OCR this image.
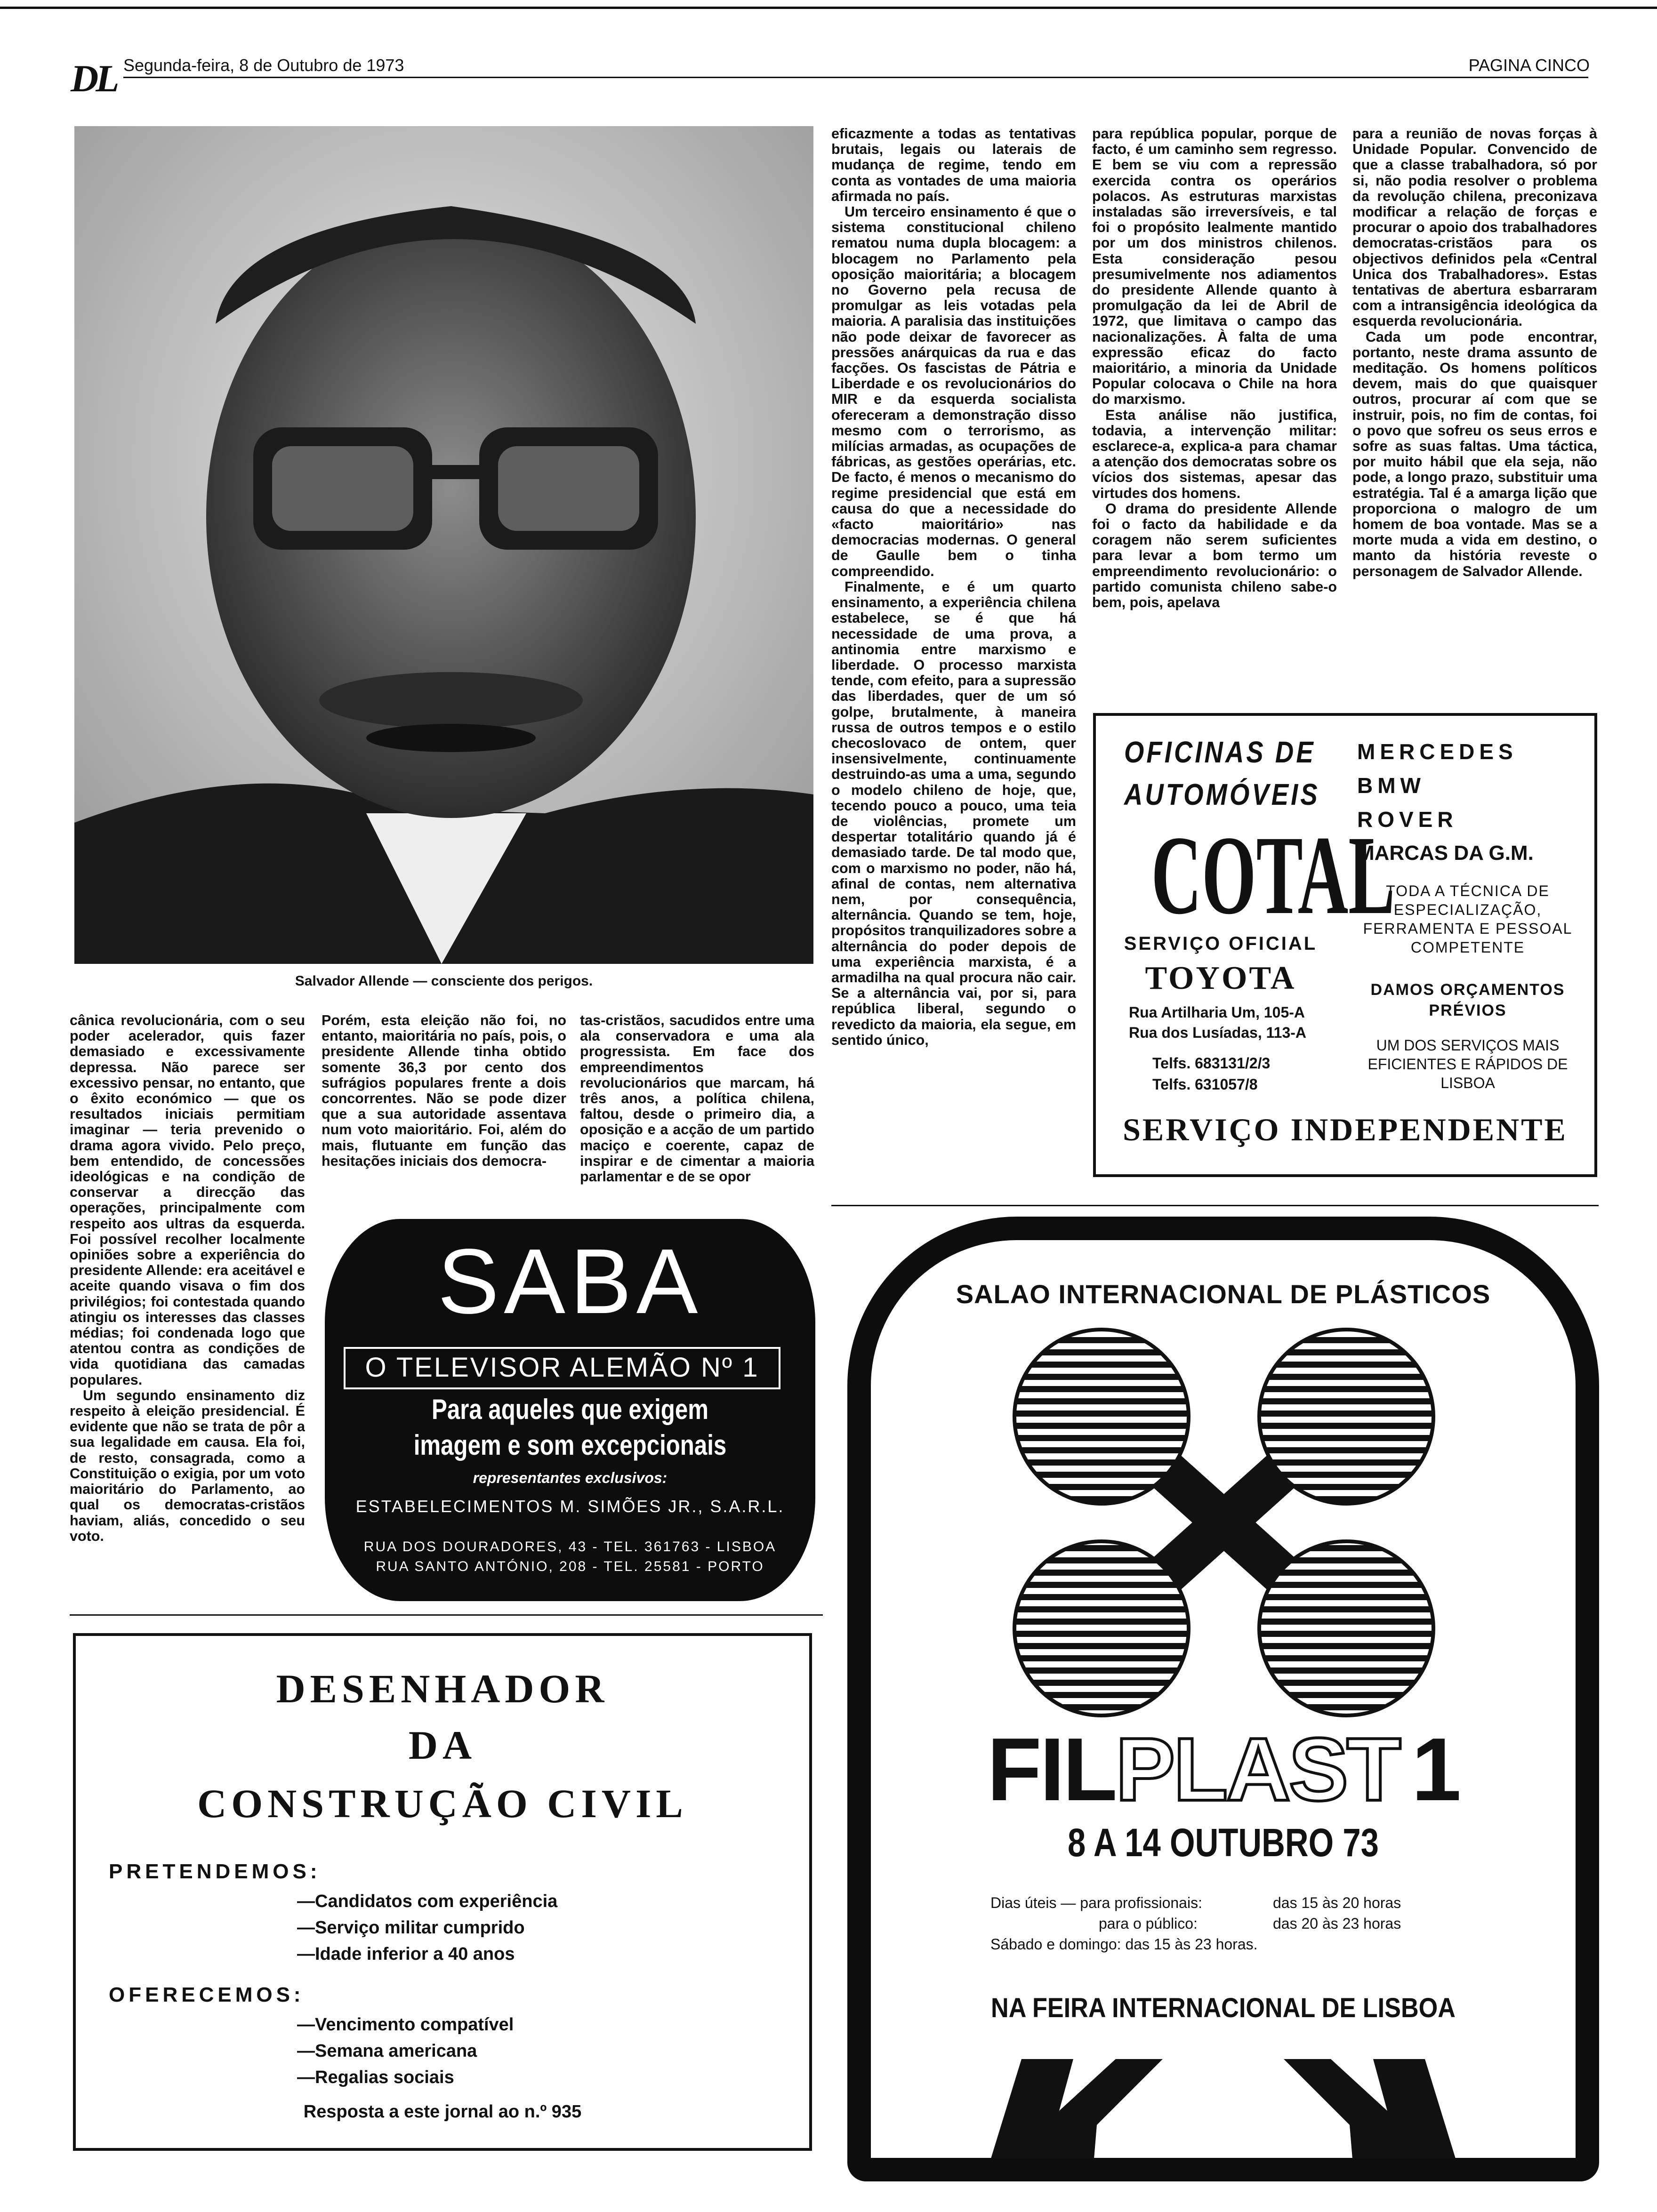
DL Segunda-feira, 8 de Outubro de 1973	PAGINA CINCO
Salvador Allende — consciente dos perigos.

cânica revolucionária, com o seu poder acelerador, quis fazer demasiado e excessivamente depressa. Não parece ser excessivo pensar, no entanto, que o êxito económico — que os resultados iniciais permitiam imaginar — teria prevenido o drama agora vivido. Pelo preço, bem entendido, de concessões ideológicas e na condição de conservar a direcção das operações, principalmente com respeito aos ultras da esquerda. Foi possível recolher localmente opiniões sobre a experiência do presidente Allende: era aceitável e aceite quando visava o fim dos privilégios; foi contestada quando atingiu os interesses das classes médias; foi condenada logo que atentou contra as condições de vida quotidiana das camadas populares.

Um segundo ensinamento diz respeito à eleição presidencial. É evidente que não se trata de pôr a sua legalidade em causa. Ela foi, de resto, consagrada, como a Constituição o exigia, por um voto maioritário do Parlamento, ao qual os democratas-cristãos haviam, aliás, concedido o seu voto.

Porém, esta eleição não foi, no entanto, maioritária no país, pois, o presidente Allende tinha obtido somente 36,3 por cento dos sufrágios populares frente a dois concorrentes. Não se pode dizer que a sua autoridade assentava num voto maioritário. Foi, além do mais, flutuante em função das hesitações iniciais dos democra-

tas-cristãos, sacudidos entre uma ala conservadora e uma ala progressista. Em face dos empreendimentos revolucionários que marcam, há três anos, a política chilena, faltou, desde o primeiro dia, a oposição e a acção de um partido maciço e coerente, capaz de inspirar e de cimentar a maioria parlamentar e de se opor

eficazmente a todas as tentativas brutais, legais ou laterais de mudança de regime, tendo em conta as vontades de uma maioria afirmada no país.

Um terceiro ensinamento é que o sistema constitucional chileno rematou numa dupla blocagem: a blocagem no Parlamento pela oposição maioritária; a blocagem no Governo pela recusa de promulgar as leis votadas pela maioria. A paralisia das instituições não pode deixar de favorecer as pressões anárquicas da rua e das facções. Os fascistas de Pátria e Liberdade e os revolucionários do MIR e da esquerda socialista ofereceram a demonstração disso mesmo com o terrorismo, as milícias armadas, as ocupações de fábricas, as gestões operárias, etc. De facto, é menos o mecanismo do regime presidencial que está em causa do que a necessidade do «facto maioritário» nas democracias modernas. O general de Gaulle bem o tinha compreendido.

Finalmente, e é um quarto ensinamento, a experiência chilena estabelece, se é que há necessidade de uma prova, a antinomia entre marxismo e liberdade. O processo marxista tende, com efeito, para a supressão das liberdades, quer de um só golpe, brutalmente, à maneira russa de outros tempos e o estilo checoslovaco de ontem, quer insensivelmente, continuamente destruindo-as uma a uma, segundo o modelo chileno de hoje, que, tecendo pouco a pouco, uma teia de violências, promete um despertar totalitário quando já é demasiado tarde. De tal modo que, com o marxismo no poder, não há, afinal de contas, nem alternativa nem, por consequência, alternância. Quando se tem, hoje, propósitos tranquilizadores sobre a alternância do poder depois de uma experiência marxista, é a armadilha na qual procura não cair. Se a alternância vai, por si, para república liberal, segundo o revedicto da maioria, ela segue, em sentido único,

para república popular, porque de facto, é um caminho sem regresso. E bem se viu com a repressão exercida contra os operários polacos. As estruturas marxistas instaladas são irreversíveis, e tal foi o propósito lealmente mantido por um dos ministros chilenos. Esta consideração pesou presumivelmente nos adiamentos do presidente Allende quanto à promulgação da lei de Abril de 1972, que limitava o campo das nacionalizações. À falta de uma expressão eficaz do facto maioritário, a minoria da Unidade Popular colocava o Chile na hora do marxismo.

Esta análise não justifica, todavia, a intervenção militar: esclarece-a, explica-a para chamar a atenção dos democratas sobre os vícios dos sistemas, apesar das virtudes dos homens.

O drama do presidente Allende foi o facto da habilidade e da coragem não serem suficientes para levar a bom termo um empreendimento revolucionário: o partido comunista chileno sabe-o bem, pois, apelava

para a reunião de novas forças à Unidade Popular. Convencido de que a classe trabalhadora, só por si, não podia resolver o problema da revolução chilena, preconizava modificar a relação de forças e procurar o apoio dos trabalhadores democratas-cristãos para os objectivos definidos pela «Central Unica dos Trabalhadores». Estas tentativas de abertura esbarraram com a intransigência ideológica da esquerda revolucionária.

Cada um pode encontrar, portanto, neste drama assunto de meditação. Os homens políticos devem, mais do que quaisquer outros, procurar aí com que se instruir, pois, no fim de contas, foi o povo que sofreu os seus erros e sofre as suas faltas. Uma táctica, por muito hábil que ela seja, não pode, a longo prazo, substituir uma estratégia. Tal é a amarga lição que proporciona o malogro de um homem de boa vontade. Mas se a morte muda a vida em destino, o manto da história reveste o personagem de Salvador Allende.

OFICINAS DE
AUTOMÓVEIS
COTAL
SERVIÇO OFICIAL
TOYOTA
Rua Artilharia Um, 105-A
Rua dos Lusíadas, 113-A
Telfs. 683131/2/3
Telfs. 631057/8
MERCEDES
BMW
ROVER
MARCAS DA G.M.
TODA A TÉCNICA DE ESPECIALIZAÇÃO, FERRAMENTA E PESSOAL COMPETENTE
DAMOS ORÇAMENTOS PRÉVIOS
UM DOS SERVIÇOS MAIS EFICIENTES E RÁPIDOS DE LISBOA
SERVIÇO INDEPENDENTE
SABA
O TELEVISOR ALEMÃO Nº 1
Para aqueles que exigem
imagem e som excepcionais
representantes exclusivos:
ESTABELECIMENTOS M. SIMÕES JR., S.A.R.L.
RUA DOS DOURADORES, 43 - TEL. 361763 - LISBOA
RUA SANTO ANTÓNIO, 208 - TEL. 25581 - PORTO
DESENHADOR
DA
CONSTRUÇÃO CIVIL
PRETENDEMOS:
—Candidatos com experiência
—Serviço militar cumprido
—Idade inferior a 40 anos
OFERECEMOS:
—Vencimento compatível
—Semana americana
—Regalias sociais
Resposta a este jornal ao n.º 935
SALAO INTERNACIONAL DE PLÁSTICOS
FILPLAST 1
8 A 14 OUTUBRO 73
Dias úteis — para profissionais:	das 15 às 20 horas
para o público:	das 20 às 23 horas
Sábado e domingo: das 15 às 23 horas.
NA FEIRA INTERNACIONAL DE LISBOA
